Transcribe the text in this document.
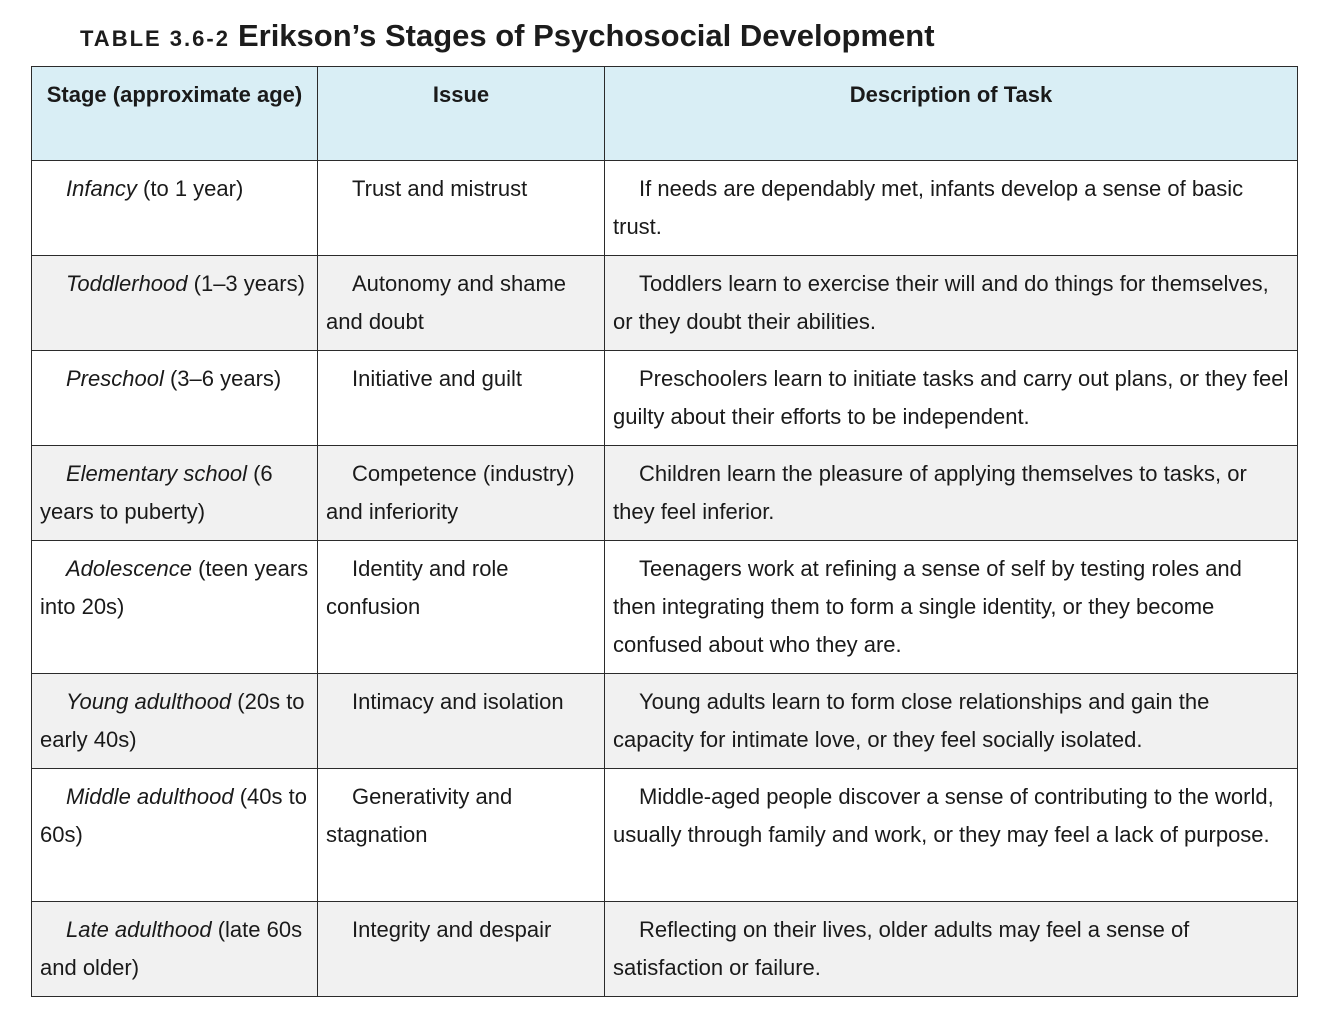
TABLE 3.6-2 Erikson’s Stages of Psychosocial Development
Stage (approximate age)	Issue	Description of Task
Infancy (to 1 year)	Trust and mistrust	If needs are dependably met, infants develop a sense of basic trust.
Toddlerhood (1–3 years)	Autonomy and shame and doubt	Toddlers learn to exercise their will and do things for themselves, or they doubt their abilities.
Preschool (3–6 years)	Initiative and guilt	Preschoolers learn to initiate tasks and carry out plans, or they feel guilty about their efforts to be independent.
Elementary school (6 years to puberty)	Competence (industry) and inferiority	Children learn the pleasure of applying themselves to tasks, or they feel inferior.
Adolescence (teen years into 20s)	Identity and role confusion	Teenagers work at refining a sense of self by testing roles and then integrating them to form a single identity, or they become confused about who they are.
Young adulthood (20s to early 40s)	Intimacy and isolation	Young adults learn to form close relationships and gain the capacity for intimate love, or they feel socially isolated.
Middle adulthood (40s to 60s)	Generativity and stagnation	Middle-aged people discover a sense of contributing to the world, usually through family and work, or they may feel a lack of purpose.
Late adulthood (late 60s and older)	Integrity and despair	Reflecting on their lives, older adults may feel a sense of satisfaction or failure.
